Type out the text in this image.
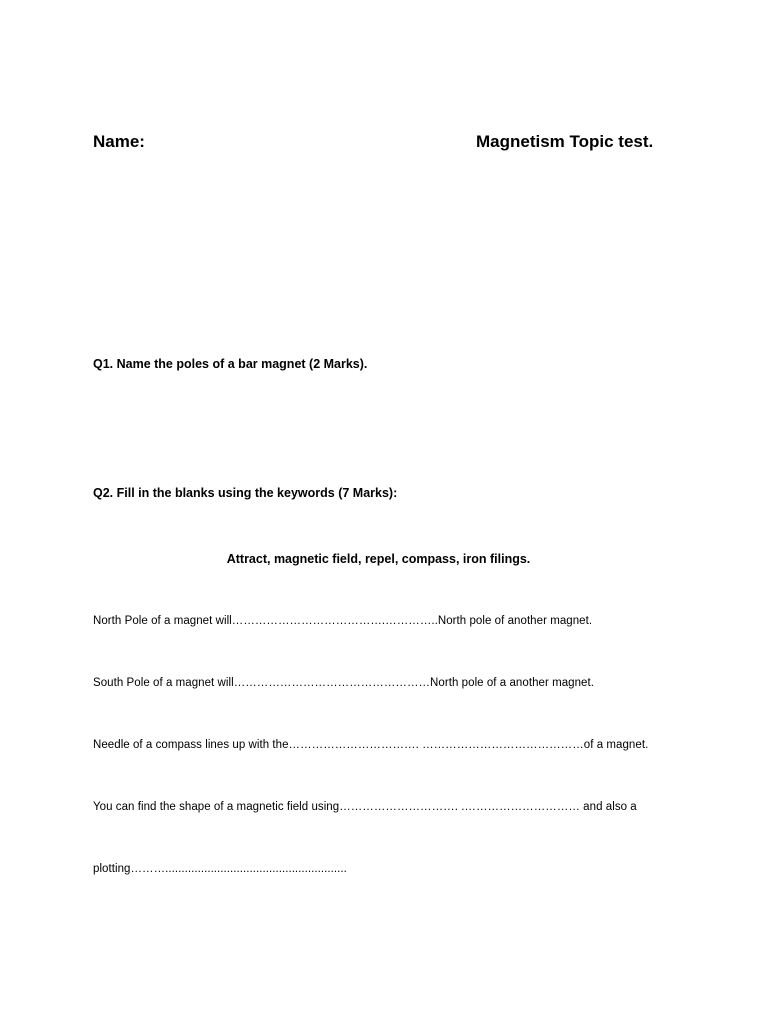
Name:	Magnetism Topic test.
Q1. Name the poles of a bar magnet (2 Marks).
Q2. Fill in the blanks using the keywords (7 Marks):
Attract, magnetic field, repel, compass, iron filings.
North Pole of a magnet will………………………………….…………..North pole of another magnet.
South Pole of a magnet will……………………………………………North pole of a another magnet.
Needle of a compass lines up with the……………………………. ……………………………………of a magnet.
You can find the shape of a magnetic field using…………………………. .………………………… and also a
plotting………........................................................
